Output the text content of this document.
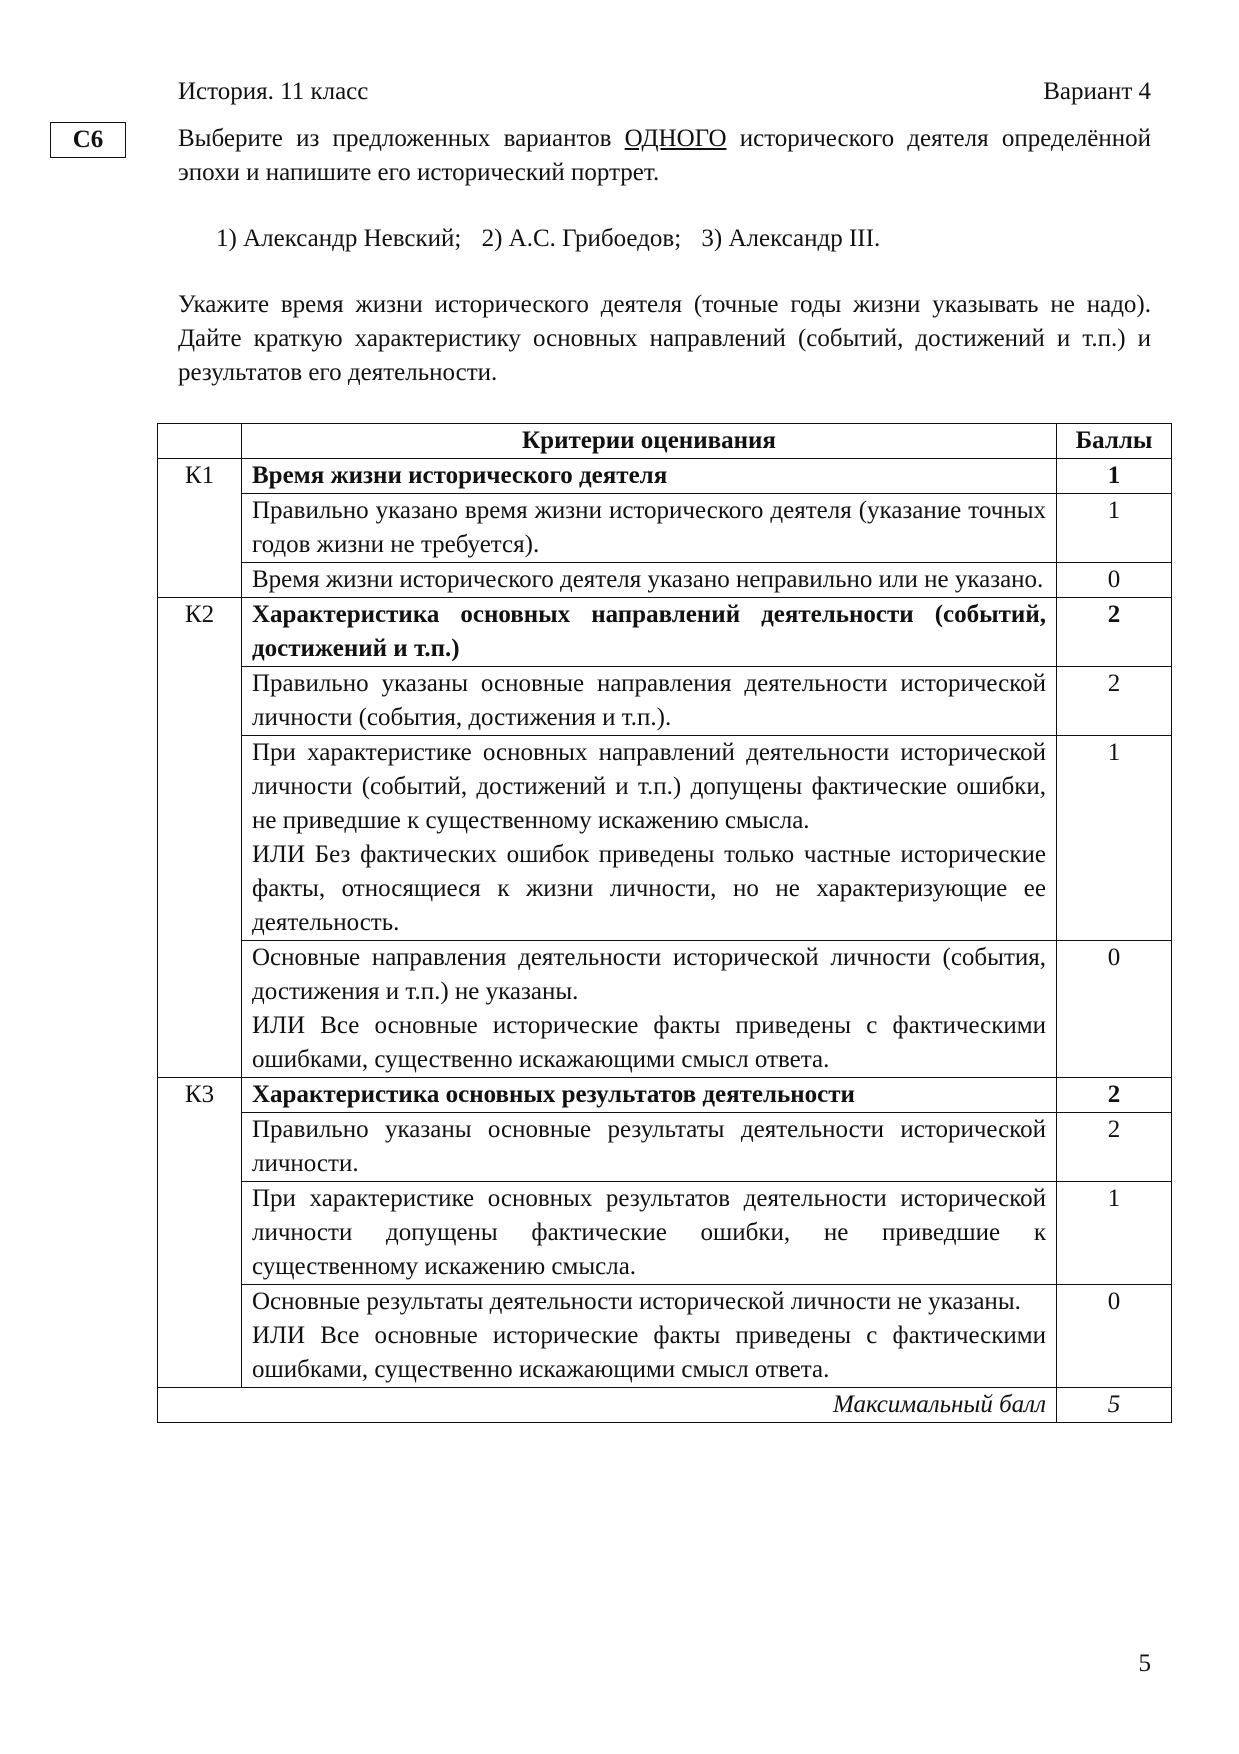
История. 11 класс	Вариант 4
С6	Выберите из предложенных вариантов ОДНОГО исторического деятеля определённой эпохи и напишите его исторический портрет.
1) Александр Невский; 2) А.С. Грибоедов; 3) Александр III.
Укажите время жизни исторического деятеля (точные годы жизни указывать не надо). Дайте краткую характеристику основных направлений (событий, достижений и т.п.) и результатов его деятельности.
	Критерии оценивания	Баллы
К1	Время жизни исторического деятеля	1
	Правильно указано время жизни исторического деятеля (указание точных годов жизни не требуется).	1
	Время жизни исторического деятеля указано неправильно или не указано.	0
К2	Характеристика основных направлений деятельности (событий, достижений и т.п.)	2
	Правильно указаны основные направления деятельности исторической личности (события, достижения и т.п.).	2

	При характеристике основных направлений деятельности исторической личности (событий, достижений и т.п.) допущены фактические ошибки, не приведшие к существенному искажению смысла.
ИЛИ Без фактических ошибок приведены только частные исторические факты, относящиеся к жизни личности, но не характеризующие ее деятельность.	1

	Основные направления деятельности исторической личности (события, достижения и т.п.) не указаны.
ИЛИ Все основные исторические факты приведены с фактическими ошибками, существенно искажающими смысл ответа.	0
К3	Характеристика основных результатов деятельности	2
	Правильно указаны основные результаты деятельности исторической личности.	2
	При характеристике основных результатов деятельности исторической личности допущены фактические ошибки, не приведшие к существенному искажению смысла.	1

	Основные результаты деятельности исторической личности не указаны.
ИЛИ Все основные исторические факты приведены с фактическими ошибками, существенно искажающими смысл ответа.	0
Максимальный балл		5
5
